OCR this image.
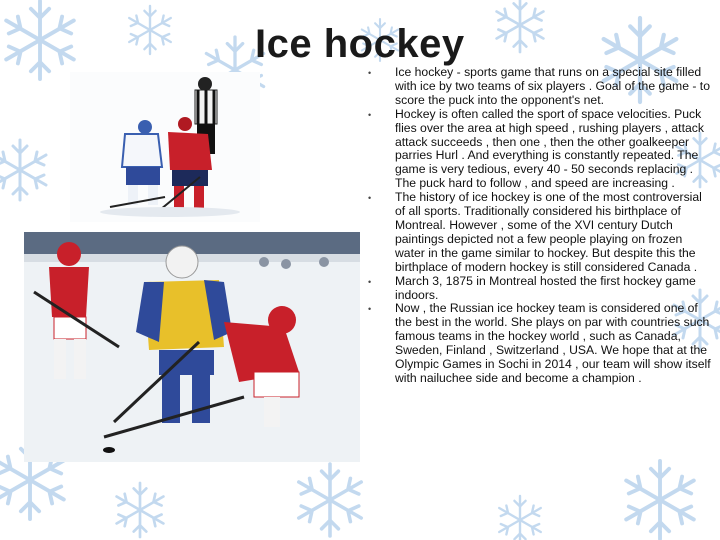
Ice hockey
• Ice hockey - sports game that runs on a special site filled with ice by two teams of six players . Goal of the game - to score the puck into the opponent's net.
• Hockey is often called the sport of space velocities. Puck flies over the area at high speed , rushing players , attack attack succeeds , then one , then the other goalkeeper parries Hurl . And everything is constantly repeated. The game is very tedious, every 40 - 50 seconds replacing . The puck hard to follow , and speed are increasing .
• The history of ice hockey is one of the most controversial of all sports. Traditionally considered his birthplace of Montreal. However , some of the XVI century Dutch paintings depicted not a few people playing on frozen water in the game similar to hockey. But despite this the birthplace of modern hockey is still considered Canada .
• March 3, 1875 in Montreal hosted the first hockey game indoors.
• Now , the Russian ice hockey team is considered one of the best in the world. She plays on par with countries such famous teams in the hockey world , such as Canada, Sweden, Finland , Switzerland , USA. We hope that at the Olympic Games in Sochi in 2014 , our team will show itself with nailuchee side and become a champion .
